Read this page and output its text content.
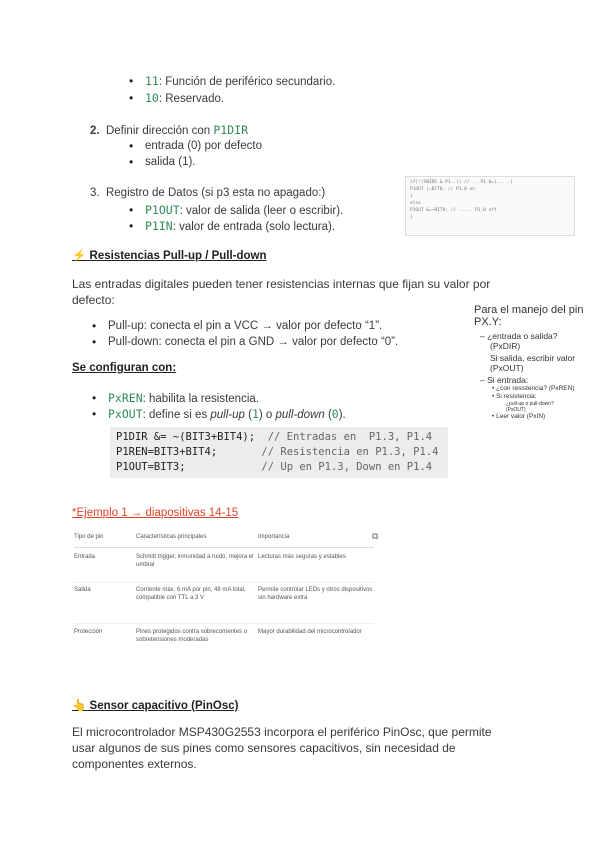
• 11: Función de periférico secundario.
• 10: Reservado.
2. Definir dirección con P1DIR
• entrada (0) por defecto
• salida (1).
3. Registro de Datos (si p3 esta no apagado:)
• P1OUT: valor de salida (leer o escribir).
• P1IN: valor de entrada (solo lectura).
if(!(SWIRE & P1..)) // .. P1 0=(.....)
P1OUT |=BIT0; // P1.0 on
}
else
P1OUT &=~BIT0; // ..... P1.0 off
}
⚡ Resistencias Pull-up / Pull-down
Las entradas digitales pueden tener resistencias internas que fijan su valor por
defecto:
• Pull-up: conecta el pin a VCC → valor por defecto “1”.
• Pull-down: conecta el pin a GND → valor por defecto “0”.
Se configuran con:
• PxREN: habilita la resistencia.
• PxOUT: define si es pull-up (1) o pull-down (0).
P1DIR &= ~(BIT3+BIT4);  // Entradas en  P1.3, P1.4
P1REN=BIT3+BIT4;       // Resistencia en P1.3, P1.4
P1OUT=BIT3;            // Up en P1.3, Down en P1.4
Para el manejo del pin
PX.Y:
– ¿entrada o salida?
(PxDIR)
Si salida, escribir valor
(PxOUT)
– Si entrada:
• ¿con resistencia? (PxREN)
• Si resistencia:
¿pull-up o pull-down?
(PxOUT)
• Leer valor (PxIN)
*Ejemplo 1 → diapositivas 14-15
⧉
Tipo de pin	Características principales	Importancia
Entrada	Schmitt trigger, inmunidad a ruido, mejora el umbral	Lecturas más seguras y estables
Salida	Corriente máx. 6 mA por pin, 48 mA total, compatible con TTL a 3 V	Permite controlar LEDs y otros dispositivos sin hardware extra
Protección	Pines protegidos contra sobrecorrientes o sobretensiones moderadas	Mayor durabilidad del microcontrolador
👆 Sensor capacitivo (PinOsc)
El microcontrolador MSP430G2553 incorpora el periférico PinOsc, que permite
usar algunos de sus pines como sensores capacitivos, sin necesidad de
componentes externos.
